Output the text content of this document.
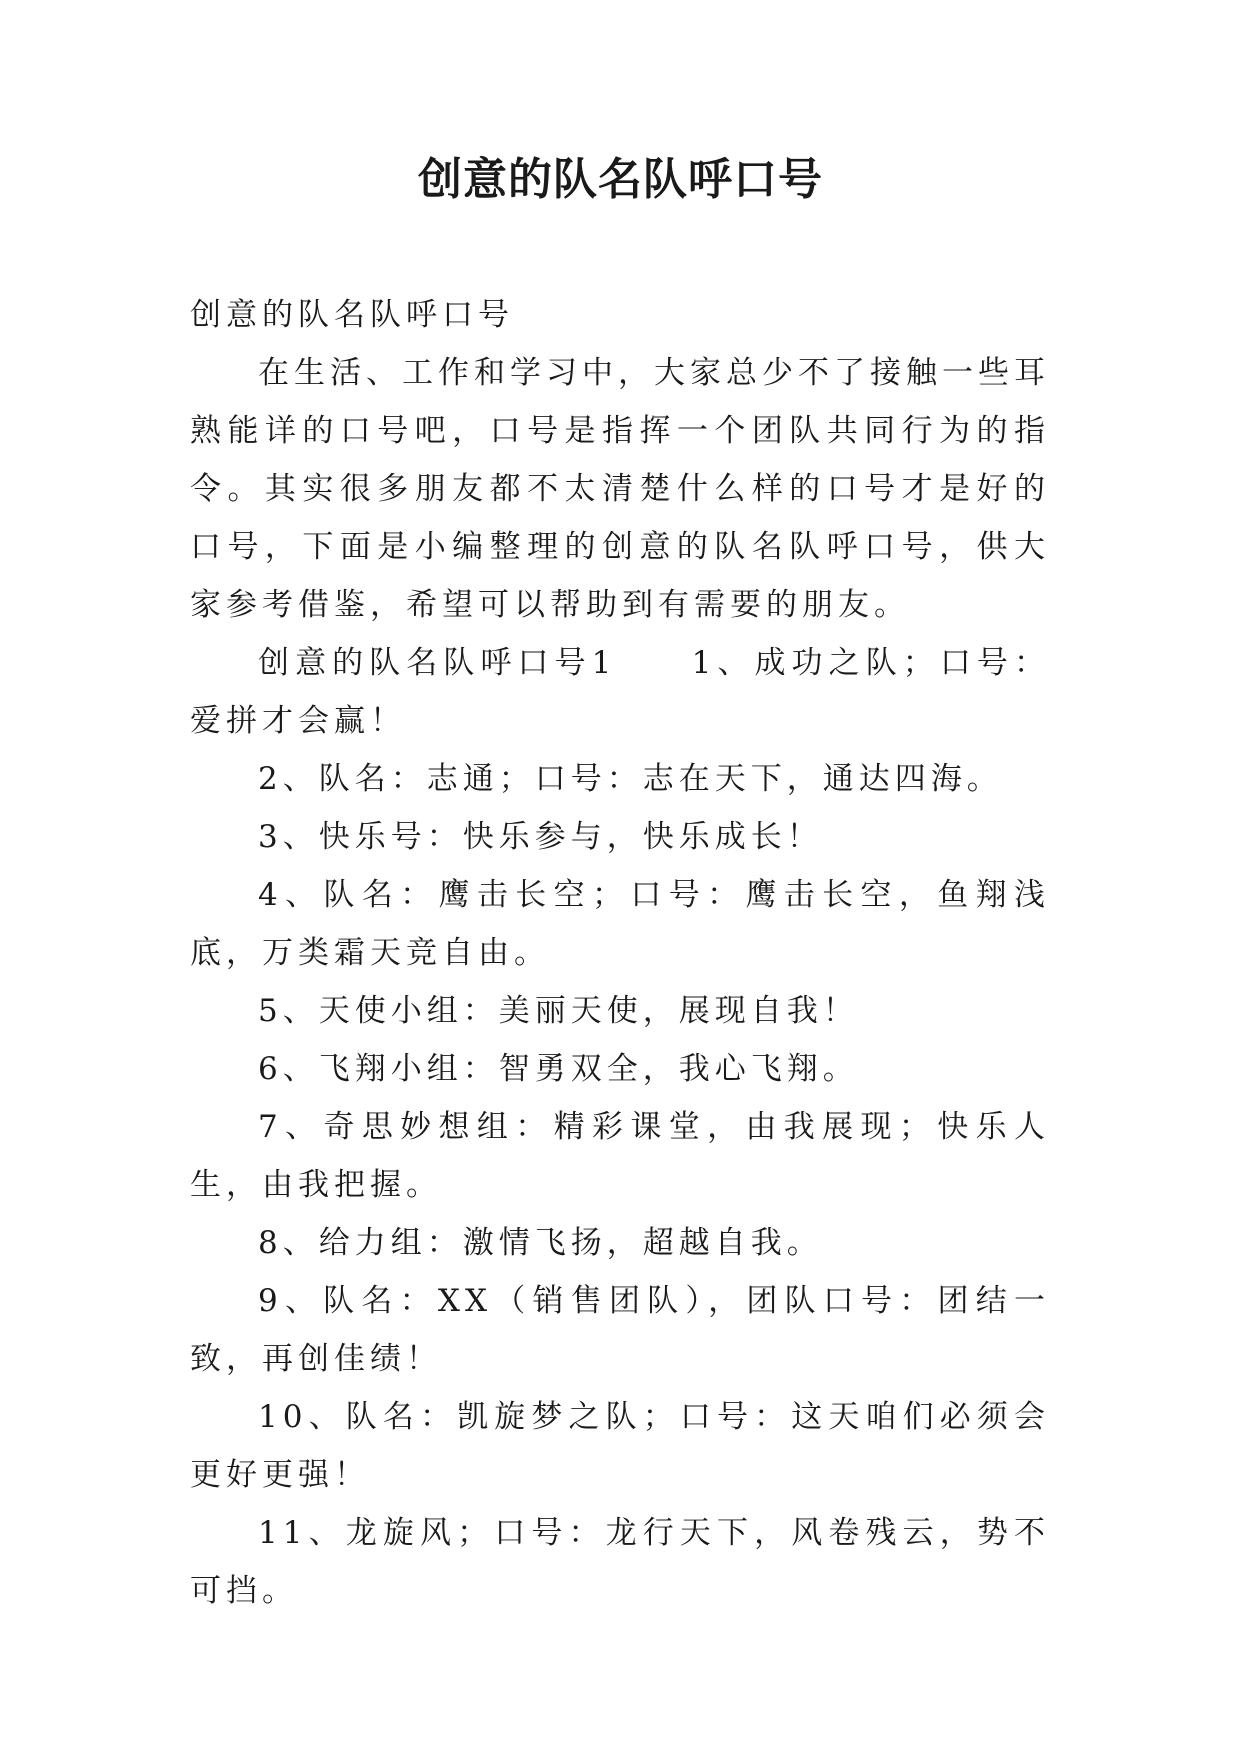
创意的队名队呼口号

创意的队名队呼口号

在生活、工作和学习中，大家总少不了接触一些耳熟能详的口号吧，口号是指挥一个团队共同行为的指令。其实很多朋友都不太清楚什么样的口号才是好的口号，下面是小编整理的创意的队名队呼口号，供大家参考借鉴，希望可以帮助到有需要的朋友。

创意的队名队呼口号1　　1、成功之队；口号：爱拼才会赢！

2、队名：志通；口号：志在天下，通达四海。

3、快乐号：快乐参与，快乐成长！

4、队名：鹰击长空；口号：鹰击长空，鱼翔浅底，万类霜天竞自由。

5、天使小组：美丽天使，展现自我！

6、飞翔小组：智勇双全，我心飞翔。

7、奇思妙想组：精彩课堂，由我展现；快乐人生，由我把握。

8、给力组：激情飞扬，超越自我。

9、队名：XX（销售团队），团队口号：团结一致，再创佳绩！

10、队名：凯旋梦之队；口号：这天咱们必须会更好更强！

11、龙旋风；口号：龙行天下，风卷残云，势不可挡。
